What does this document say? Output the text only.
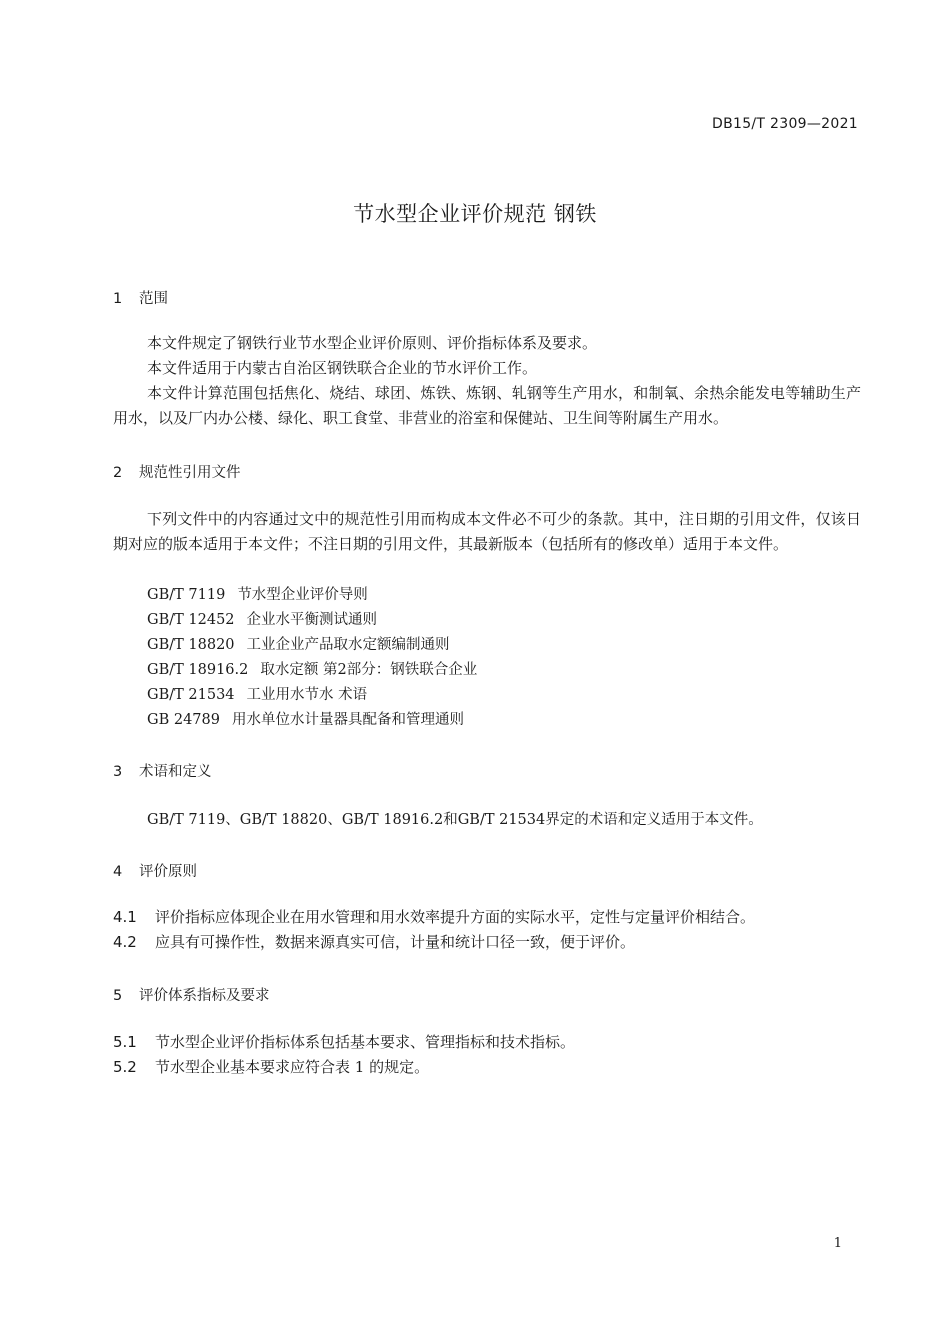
DB15/T 2309—2021
节水型企业评价规范 钢铁
1 范围
本文件规定了钢铁行业节水型企业评价原则、评价指标体系及要求。
本文件适用于内蒙古自治区钢铁联合企业的节水评价工作。
本文件计算范围包括焦化、烧结、球团、炼铁、炼钢、轧钢等生产用水，和制氧、余热余能发电等辅助生产用水，以及厂内办公楼、绿化、职工食堂、非营业的浴室和保健站、卫生间等附属生产用水。
2 规范性引用文件
下列文件中的内容通过文中的规范性引用而构成本文件必不可少的条款。其中，注日期的引用文件，仅该日期对应的版本适用于本文件；不注日期的引用文件，其最新版本（包括所有的修改单）适用于本文件。
GB/T 7119 节水型企业评价导则
GB/T 12452 企业水平衡测试通则
GB/T 18820 工业企业产品取水定额编制通则
GB/T 18916.2 取水定额 第2部分：钢铁联合企业
GB/T 21534 工业用水节水 术语
GB 24789 用水单位水计量器具配备和管理通则
3 术语和定义
GB/T 7119、GB/T 18820、GB/T 18916.2和GB/T 21534界定的术语和定义适用于本文件。
4 评价原则
4.1 评价指标应体现企业在用水管理和用水效率提升方面的实际水平，定性与定量评价相结合。
4.2 应具有可操作性，数据来源真实可信，计量和统计口径一致，便于评价。
5 评价体系指标及要求
5.1 节水型企业评价指标体系包括基本要求、管理指标和技术指标。
5.2 节水型企业基本要求应符合表 1 的规定。
1
